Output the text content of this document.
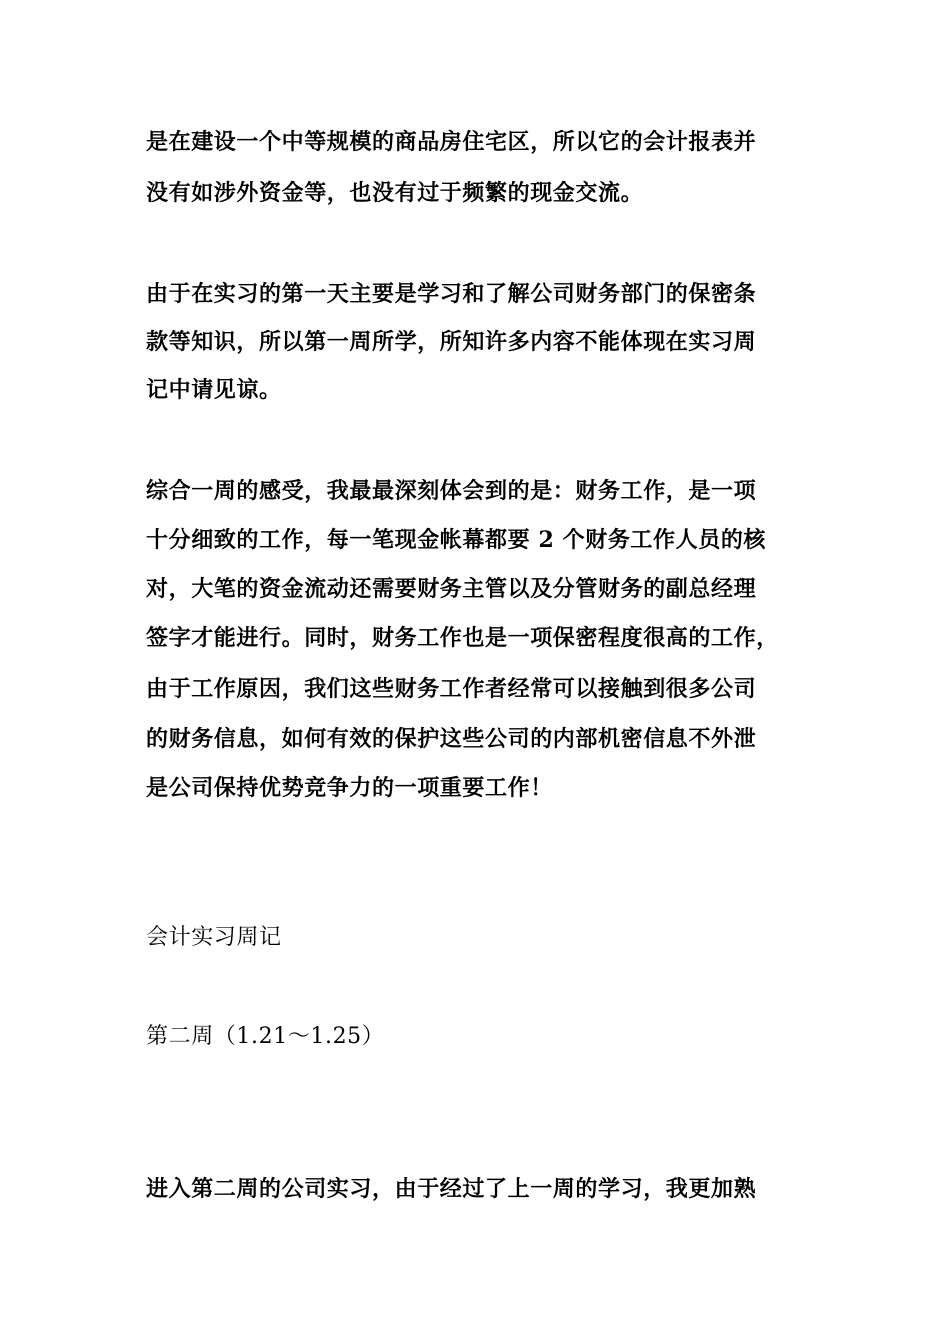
是在建设一个中等规模的商品房住宅区，所以它的会计报表并
没有如涉外资金等，也没有过于频繁的现金交流。
由于在实习的第一天主要是学习和了解公司财务部门的保密条
款等知识，所以第一周所学，所知许多内容不能体现在实习周
记中请见谅。
综合一周的感受，我最最深刻体会到的是：财务工作，是一项
十分细致的工作，每一笔现金帐幕都要 2 个财务工作人员的核
对，大笔的资金流动还需要财务主管以及分管财务的副总经理
签字才能进行。同时，财务工作也是一项保密程度很高的工作，
由于工作原因，我们这些财务工作者经常可以接触到很多公司
的财务信息，如何有效的保护这些公司的内部机密信息不外泄
是公司保持优势竞争力的一项重要工作！
会计实习周记
第二周（1.21～1.25）
进入第二周的公司实习，由于经过了上一周的学习，我更加熟
